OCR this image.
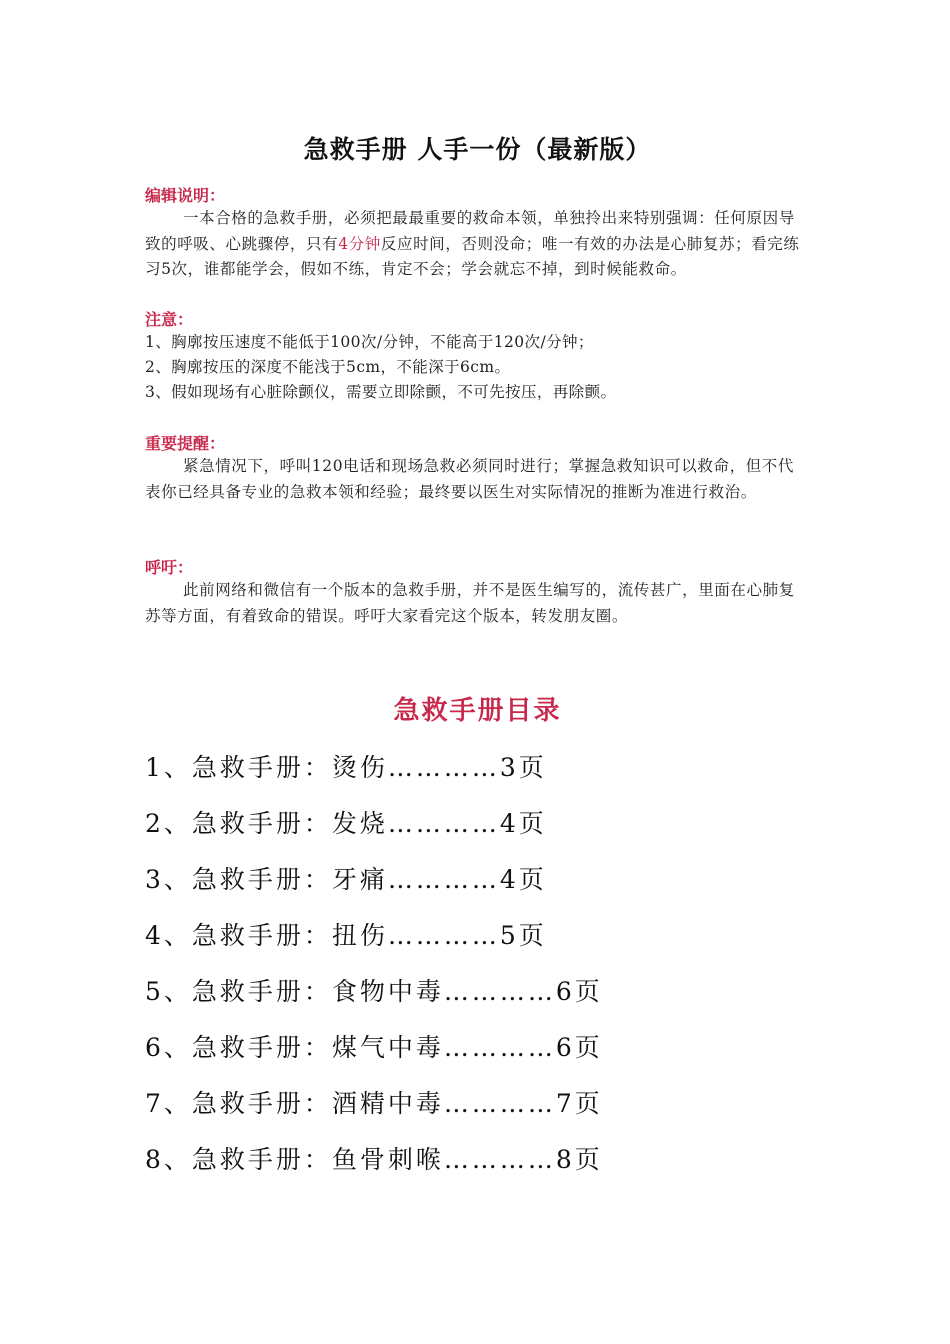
急救手册 人手一份（最新版）
编辑说明：
一本合格的急救手册，必须把最最重要的救命本领，单独拎出来特别强调：任何原因导致的呼吸、心跳骤停，只有4分钟反应时间，否则没命；唯一有效的办法是心肺复苏；看完练习5次，谁都能学会，假如不练，肯定不会；学会就忘不掉，到时候能救命。
注意：
1、胸廓按压速度不能低于100次/分钟，不能高于120次/分钟；
2、胸廓按压的深度不能浅于5cm，不能深于6cm。
3、假如现场有心脏除颤仪，需要立即除颤，不可先按压，再除颤。
重要提醒：
紧急情况下，呼叫120电话和现场急救必须同时进行；掌握急救知识可以救命，但不代表你已经具备专业的急救本领和经验；最终要以医生对实际情况的推断为准进行救治。
呼吁：
此前网络和微信有一个版本的急救手册，并不是医生编写的，流传甚广，里面在心肺复苏等方面，有着致命的错误。呼吁大家看完这个版本，转发朋友圈。
急救手册目录
1、急救手册：烫伤…………3页
2、急救手册：发烧…………4页
3、急救手册：牙痛…………4页
4、急救手册：扭伤…………5页
5、急救手册：食物中毒…………6页
6、急救手册：煤气中毒…………6页
7、急救手册：酒精中毒…………7页
8、急救手册：鱼骨刺喉…………8页
